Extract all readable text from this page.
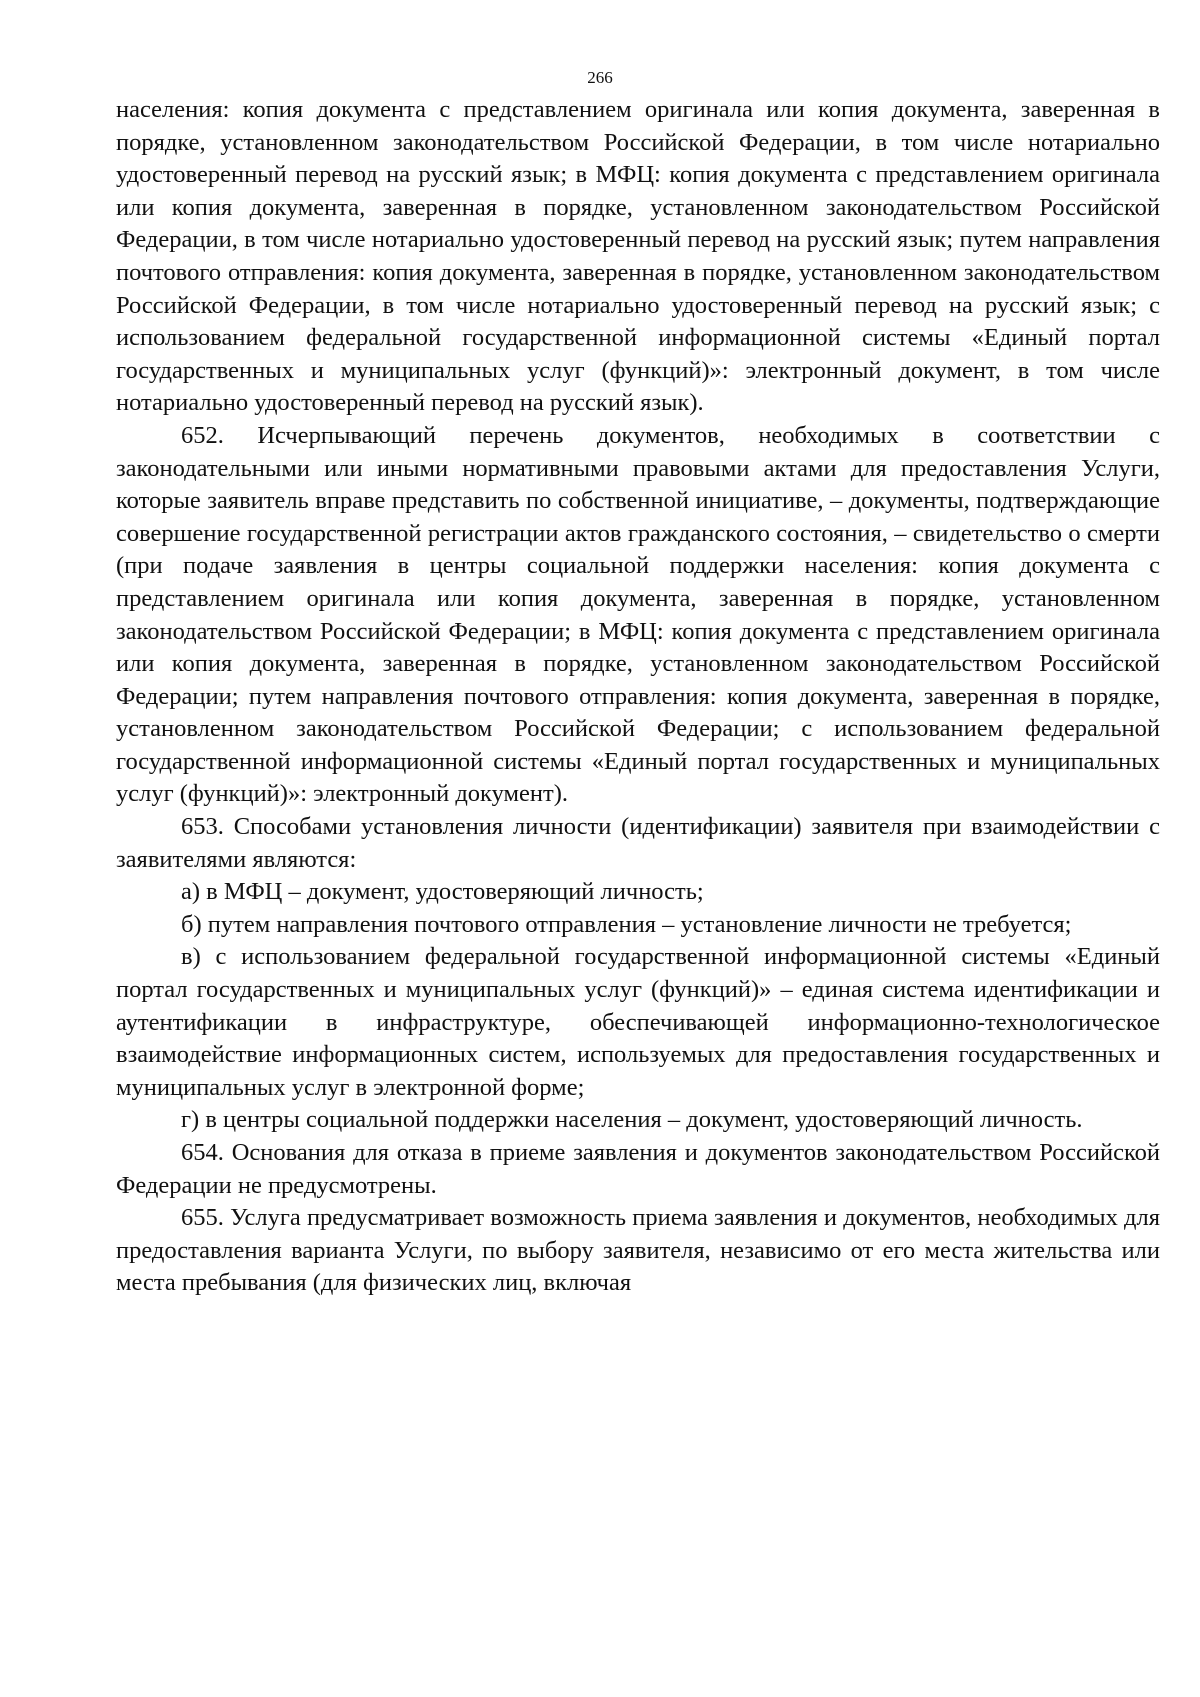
266

населения: копия документа с представлением оригинала или копия документа, заверенная в порядке, установленном законодательством Российской Федерации, в том числе нотариально удостоверенный перевод на русский язык; в МФЦ: копия документа с представлением оригинала или копия документа, заверенная в порядке, установленном законодательством Российской Федерации, в том числе нотариально удостоверенный перевод на русский язык; путем направления почтового отправления: копия документа, заверенная в порядке, установленном законодательством Российской Федерации, в том числе нотариально удостоверенный перевод на русский язык; с использованием федеральной государственной информационной системы «Единый портал государственных и муниципальных услуг (функций)»: электронный документ, в том числе нотариально удостоверенный перевод на русский язык).

652. Исчерпывающий перечень документов, необходимых в соответствии с законодательными или иными нормативными правовыми актами для предоставления Услуги, которые заявитель вправе представить по собственной инициативе, – документы, подтверждающие совершение государственной регистрации актов гражданского состояния, – свидетельство о смерти (при подаче заявления в центры социальной поддержки населения: копия документа с представлением оригинала или копия документа, заверенная в порядке, установленном законодательством Российской Федерации; в МФЦ: копия документа с представлением оригинала или копия документа, заверенная в порядке, установленном законодательством Российской Федерации; путем направления почтового отправления: копия документа, заверенная в порядке, установленном законодательством Российской Федерации; с использованием федеральной государственной информационной системы «Единый портал государственных и муниципальных услуг (функций)»: электронный документ).

653. Способами установления личности (идентификации) заявителя при взаимодействии с заявителями являются:

а) в МФЦ – документ, удостоверяющий личность;

б) путем направления почтового отправления – установление личности не требуется;

в) с использованием федеральной государственной информационной системы «Единый портал государственных и муниципальных услуг (функций)» – единая система идентификации и аутентификации в инфраструктуре, обеспечивающей информационно-технологическое взаимодействие информационных систем, используемых для предоставления государственных и муниципальных услуг в электронной форме;

г) в центры социальной поддержки населения – документ, удостоверяющий личность.

654. Основания для отказа в приеме заявления и документов законодательством Российской Федерации не предусмотрены.

655. Услуга предусматривает возможность приема заявления и документов, необходимых для предоставления варианта Услуги, по выбору заявителя, независимо от его места жительства или места пребывания (для физических лиц, включая
